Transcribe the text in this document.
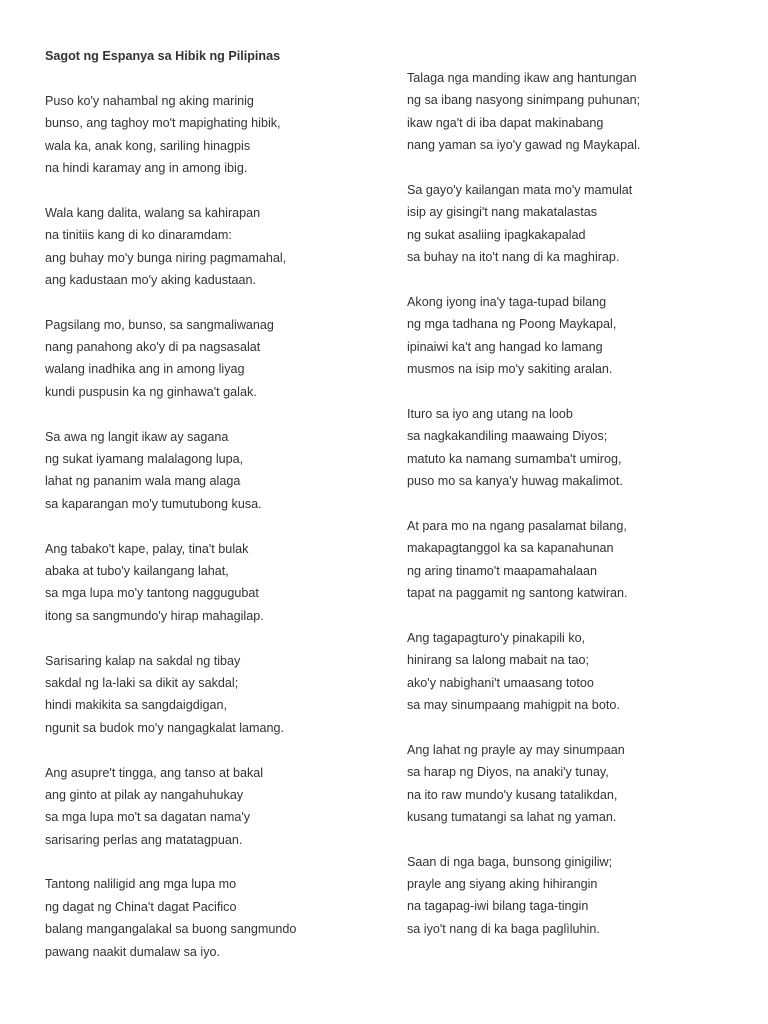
Sagot ng Espanya sa Hibik ng Pilipinas
Puso ko'y nahambal ng aking marinig
bunso, ang taghoy mo't mapighating hibik,
wala ka, anak kong, sariling hinagpis
na hindi karamay ang in among ibig.
Wala kang dalita, walang sa kahirapan
na tinitiis kang di ko dinaramdam:
ang buhay mo'y bunga niring pagmamahal,
ang kadustaan mo'y aking kadustaan.
Pagsilang mo, bunso, sa sangmaliwanag
nang panahong ako'y di pa nagsasalat
walang inadhika ang in among liyag
kundi puspusin ka ng ginhawa't galak.
Sa awa ng langit ikaw ay sagana
ng sukat iyamang malalagong lupa,
lahat ng pananim wala mang alaga
sa kaparangan mo'y tumutubong kusa.
Ang tabako't kape, palay, tina't bulak
abaka at tubo'y kailangang lahat,
sa mga lupa mo'y tantong naggugubat
itong sa sangmundo'y hirap mahagilap.
Sarisaring kalap na sakdal ng tibay
sakdal ng la-laki sa dikit ay sakdal;
hindi makikita sa sangdaigdigan,
ngunit sa budok mo'y nangagkalat lamang.
Ang asupre't tingga, ang tanso at bakal
ang ginto at pilak ay nangahuhukay
sa mga lupa mo't sa dagatan nama'y
sarisaring perlas ang matatagpuan.
Tantong naliligid ang mga lupa mo
ng dagat ng China't dagat Pacifico
balang mangangalakal sa buong sangmundo
pawang naakit dumalaw sa iyo.
Talaga nga manding ikaw ang hantungan
ng sa ibang nasyong sinimpang puhunan;
ikaw nga't di iba dapat makinabang
nang yaman sa iyo'y gawad ng Maykapal.
Sa gayo'y kailangan mata mo'y mamulat
isip ay gisingi't nang makatalastas
ng sukat asaliing ipagkakapalad
sa buhay na ito't nang di ka maghirap.
Akong iyong ina'y taga-tupad bilang
ng mga tadhana ng Poong Maykapal,
ipinaiwi ka't ang hangad ko lamang
musmos na isip mo'y sakiting aralan.
Ituro sa iyo ang utang na loob
sa nagkakandiling maawaing Diyos;
matuto ka namang sumamba't umirog,
puso mo sa kanya'y huwag makalimot.
At para mo na ngang pasalamat bilang,
makapagtanggol ka sa kapanahunan
ng aring tinamo't maapamahalaan
tapat na paggamit ng santong katwiran.
Ang tagapagturo'y pinakapili ko,
hinirang sa lalong mabait na tao;
ako'y nabighani't umaasang totoo
sa may sinumpaang mahigpit na boto.
Ang lahat ng prayle ay may sinumpaan
sa harap ng Diyos, na anaki'y tunay,
na ito raw mundo'y kusang tatalikdan,
kusang tumatangi sa lahat ng yaman.
Saan di nga baga, bunsong ginigiliw;
prayle ang siyang aking hihirangin
na tagapag-iwi bilang taga-tingin
sa iyo't nang di ka baga paglìluhin.
